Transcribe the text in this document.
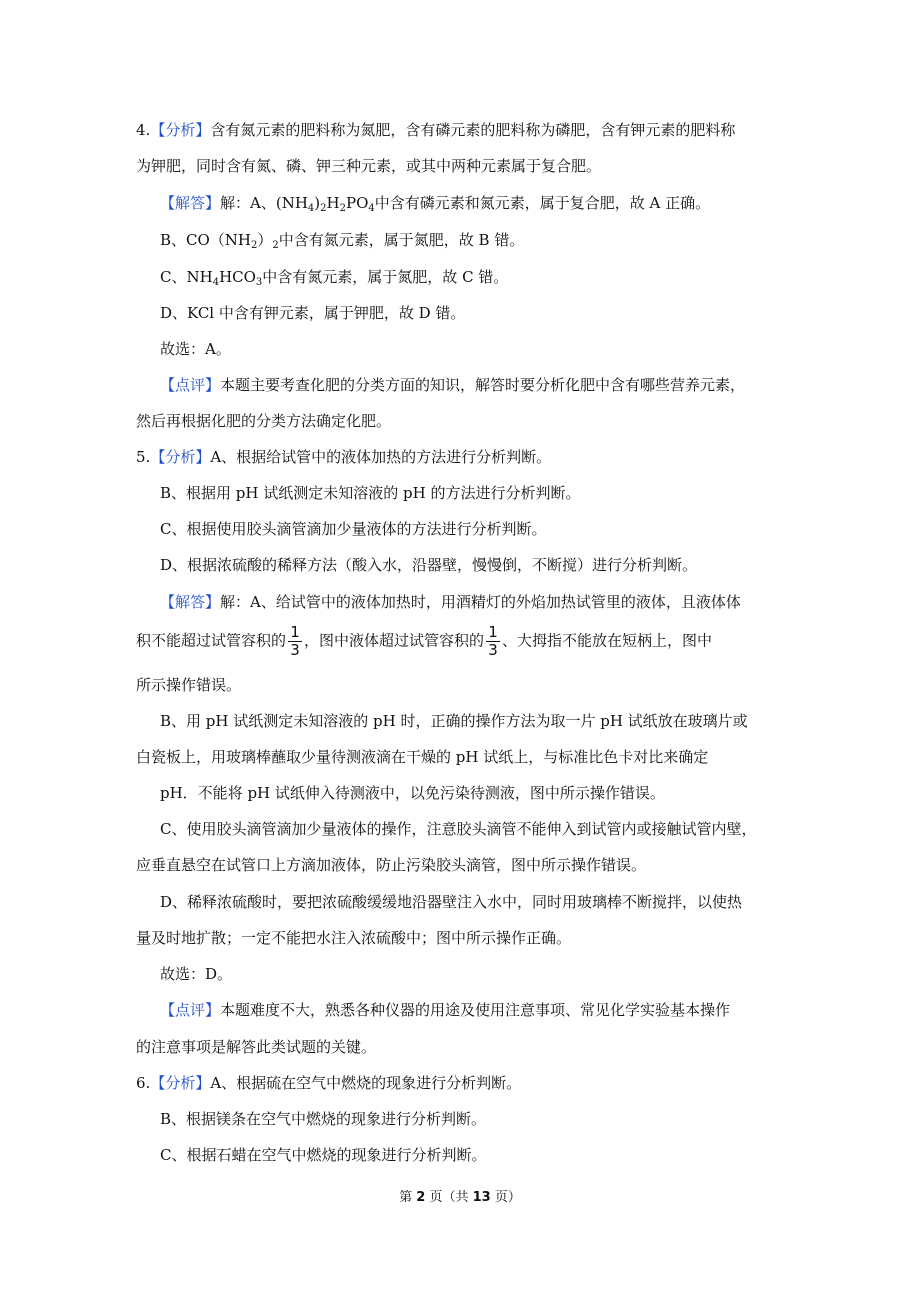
4.【分析】含有氮元素的肥料称为氮肥，含有磷元素的肥料称为磷肥，含有钾元素的肥料称
为钾肥，同时含有氮、磷、钾三种元素，或其中两种元素属于复合肥。
【解答】解：A、$(NH_4)_2H_2PO_4$中含有磷元素和氮元素，属于复合肥，故 A 正确。
B、$CO(NH_2)_2$中含有氮元素，属于氮肥，故 B 错。
C、$NH_4HCO_3$中含有氮元素，属于氮肥，故 C 错。
D、KCl 中含有钾元素，属于钾肥，故 D 错。
故选：A。
【点评】本题主要考查化肥的分类方面的知识，解答时要分析化肥中含有哪些营养元素，
然后再根据化肥的分类方法确定化肥。
5.【分析】A、根据给试管中的液体加热的方法进行分析判断。
B、根据用 pH 试纸测定未知溶液的 pH 的方法进行分析判断。
C、根据使用胶头滴管滴加少量液体的方法进行分析判断。
D、根据浓硫酸的稀释方法（酸入水，沿器壁，慢慢倒，不断搅）进行分析判断。
【解答】解：A、给试管中的液体加热时，用酒精灯的外焰加热试管里的液体，且液体体
积不能超过试管容积的 $\frac{1}{3}$ ，图中液体超过试管容积的 $\frac{1}{3}$ 、大拇指不能放在短柄上，图中
所示操作错误。
B、用 pH 试纸测定未知溶液的 pH 时，正确的操作方法为取一片 pH 试纸放在玻璃片或
白瓷板上，用玻璃棒蘸取少量待测液滴在干燥的 pH 试纸上，与标准比色卡对比来确定
pH．不能将 pH 试纸伸入待测液中，以免污染待测液，图中所示操作错误。
C、使用胶头滴管滴加少量液体的操作，注意胶头滴管不能伸入到试管内或接触试管内壁，
应垂直悬空在试管口上方滴加液体，防止污染胶头滴管，图中所示操作错误。
D、稀释浓硫酸时，要把浓硫酸缓缓地沿器壁注入水中，同时用玻璃棒不断搅拌，以使热
量及时地扩散；一定不能把水注入浓硫酸中；图中所示操作正确。
故选：D。
【点评】本题难度不大，熟悉各种仪器的用途及使用注意事项、常见化学实验基本操作
的注意事项是解答此类试题的关键。
6.【分析】A、根据硫在空气中燃烧的现象进行分析判断。
B、根据镁条在空气中燃烧的现象进行分析判断。
C、根据石蜡在空气中燃烧的现象进行分析判断。
第 2 页（共 13 页）
